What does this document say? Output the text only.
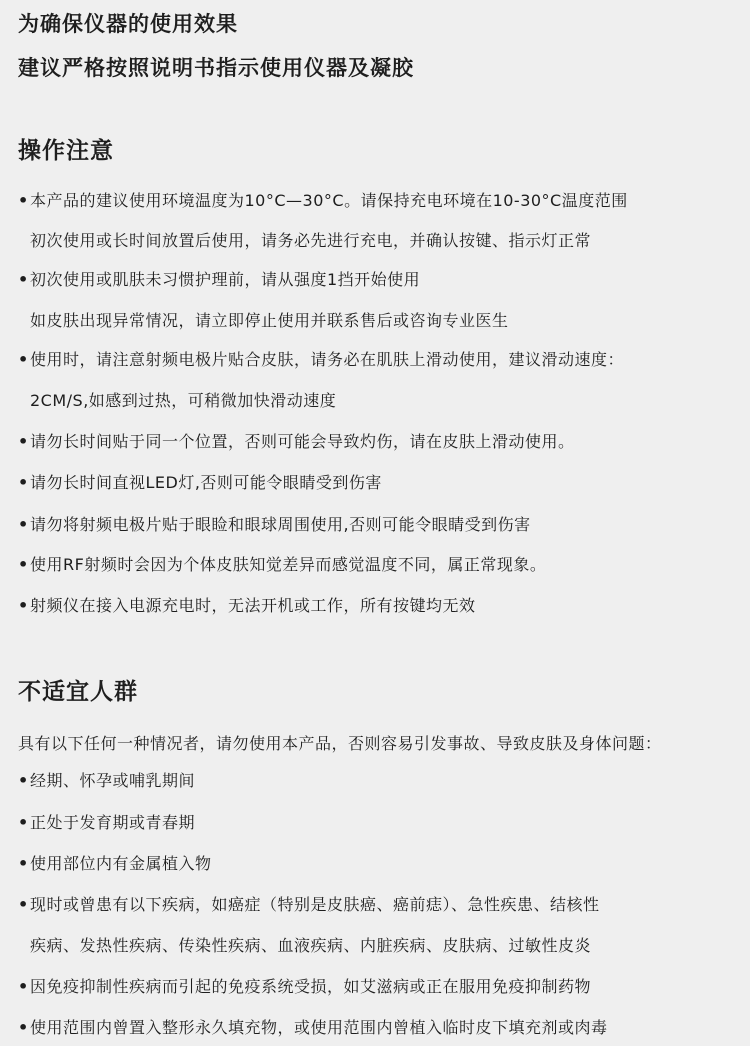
为确保仪器的使用效果
建议严格按照说明书指示使用仪器及凝胶
操作注意
•本产品的建议使用环境温度为10°C—30°C。请保持充电环境在10-30°C温度范围
初次使用或长时间放置后使用，请务必先进行充电，并确认按键、指示灯正常
•初次使用或肌肤未习惯护理前，请从强度1挡开始使用
如皮肤出现异常情况，请立即停止使用并联系售后或咨询专业医生
•使用时，请注意射频电极片贴合皮肤，请务必在肌肤上滑动使用，建议滑动速度：
2CM/S,如感到过热，可稍微加快滑动速度
•请勿长时间贴于同一个位置，否则可能会导致灼伤，请在皮肤上滑动使用。
•请勿长时间直视LED灯,否则可能令眼睛受到伤害
•请勿将射频电极片贴于眼睑和眼球周围使用,否则可能令眼睛受到伤害
•使用RF射频时会因为个体皮肤知觉差异而感觉温度不同，属正常现象。
•射频仪在接入电源充电时，无法开机或工作，所有按键均无效
不适宜人群
具有以下任何一种情况者，请勿使用本产品，否则容易引发事故、导致皮肤及身体问题：
•经期、怀孕或哺乳期间
•正处于发育期或青春期
•使用部位内有金属植入物
•现时或曾患有以下疾病，如癌症（特别是皮肤癌、癌前痣）、急性疾患、结核性
疾病、发热性疾病、传染性疾病、血液疾病、内脏疾病、皮肤病、过敏性皮炎
•因免疫抑制性疾病而引起的免疫系统受损，如艾滋病或正在服用免疫抑制药物
•使用范围内曾置入整形永久填充物，或使用范围内曾植入临时皮下填充剂或肉毒
